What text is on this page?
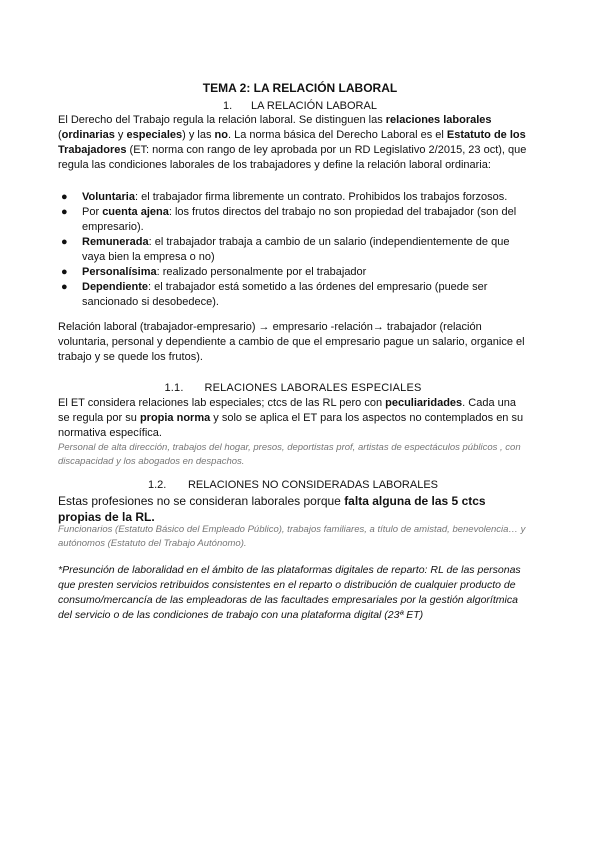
TEMA 2: LA RELACIÓN LABORAL
1. LA RELACIÓN LABORAL
El Derecho del Trabajo regula la relación laboral. Se distinguen las relaciones laborales (ordinarias y especiales) y las no. La norma básica del Derecho Laboral es el Estatuto de los Trabajadores (ET: norma con rango de ley aprobada por un RD Legislativo 2/2015, 23 oct), que regula las condiciones laborales de los trabajadores y define la relación laboral ordinaria:
●	Voluntaria: el trabajador firma libremente un contrato. Prohibidos los trabajos forzosos.
●	Por cuenta ajena: los frutos directos del trabajo no son propiedad del trabajador (son del empresario).
●	Remunerada: el trabajador trabaja a cambio de un salario (independientemente de que vaya bien la empresa o no)
●	Personalísima: realizado personalmente por el trabajador
●	Dependiente: el trabajador está sometido a las órdenes del empresario (puede ser sancionado si desobedece).
Relación laboral (trabajador-empresario) → empresario -relación→ trabajador (relación voluntaria, personal y dependiente a cambio de que el empresario pague un salario, organice el trabajo y se quede los frutos).
1.1. RELACIONES LABORALES ESPECIALES
El ET considera relaciones lab especiales; ctcs de las RL pero con peculiaridades. Cada una se regula por su propia norma y solo se aplica el ET para los aspectos no contemplados en su normativa específica.
Personal de alta dirección, trabajos del hogar, presos, deportistas prof, artistas de espectáculos públicos , con discapacidad y los abogados en despachos.
1.2. RELACIONES NO CONSIDERADAS LABORALES
Estas profesiones no se consideran laborales porque falta alguna de las 5 ctcs propias de la RL.
Funcionarios (Estatuto Básico del Empleado Público), trabajos familiares, a título de amistad, benevolencia… y autónomos (Estatuto del Trabajo Autónomo).
*Presunción de laboralidad en el ámbito de las plataformas digitales de reparto: RL de las personas que presten servicios retribuidos consistentes en el reparto o distribución de cualquier producto de consumo/mercancía de las empleadoras de las facultades empresariales por la gestión algorítmica del servicio o de las condiciones de trabajo con una plataforma digital (23ª ET)
